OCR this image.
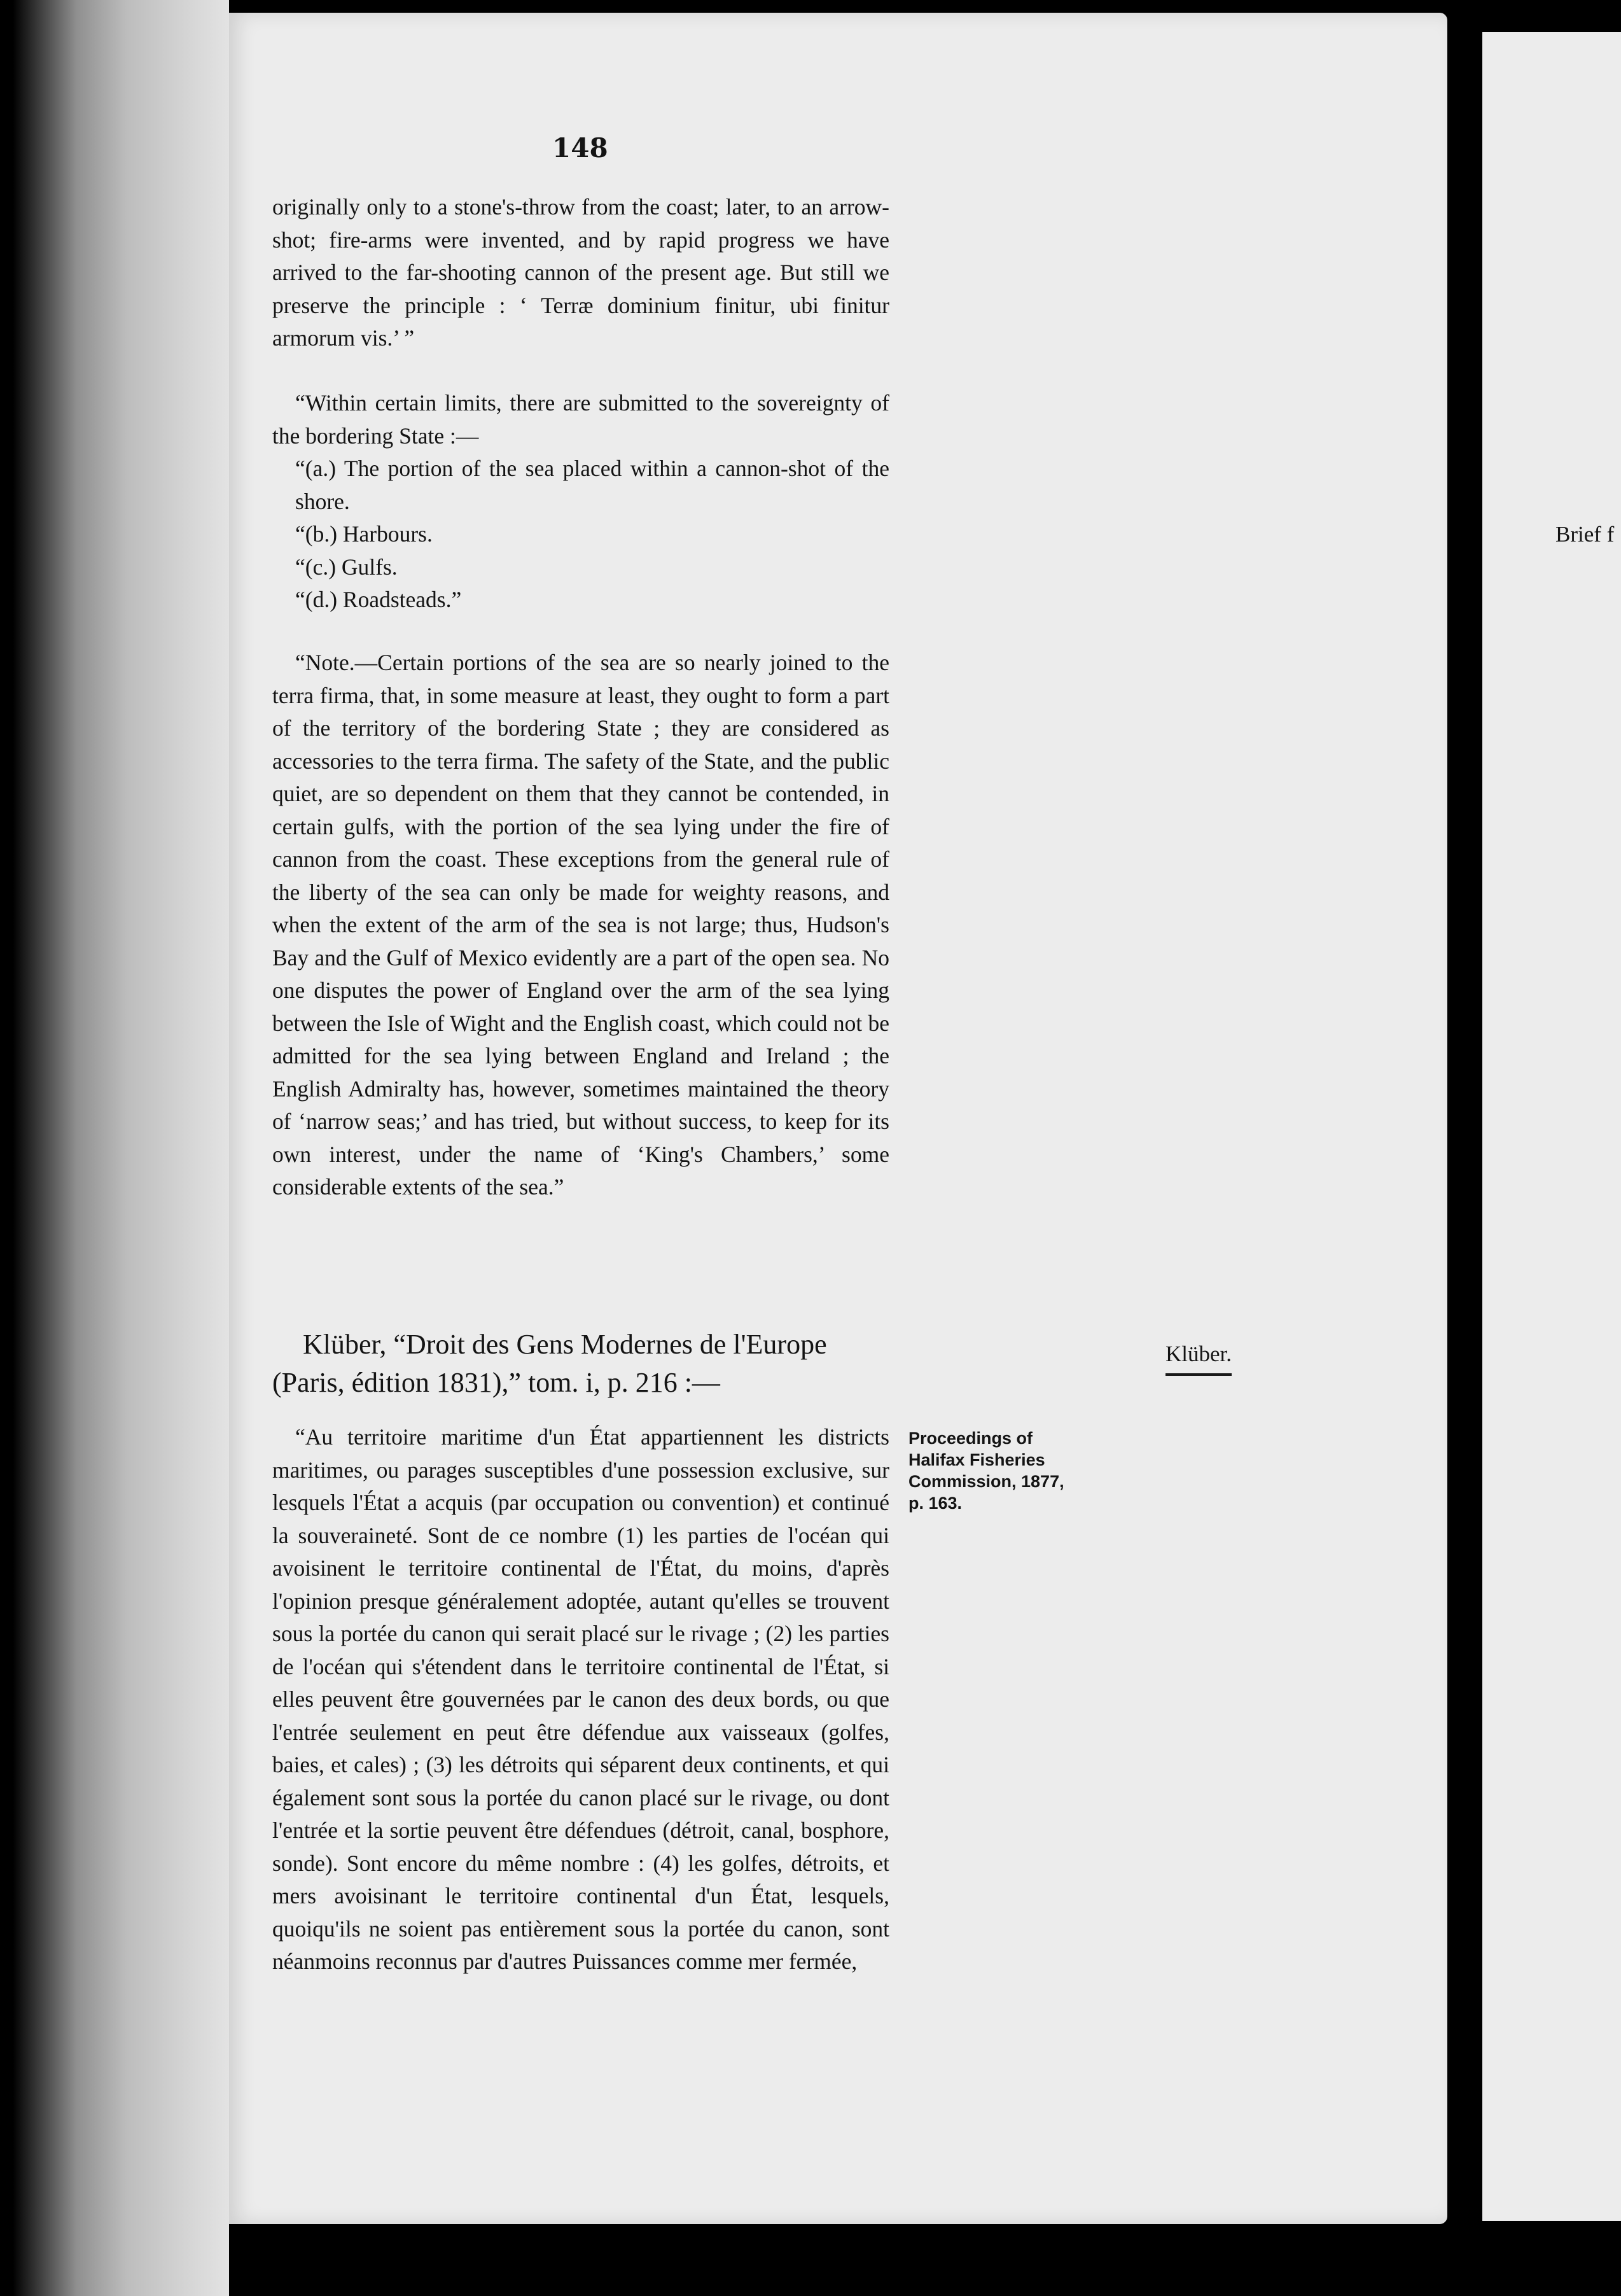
148

originally only to a stone's-throw from the coast; later, to an arrow-shot; fire-arms were invented, and by rapid progress we have arrived to the far-shooting cannon of the present age. But still we preserve the principle : ‘ Terræ dominium finitur, ubi finitur armorum vis.’ ”

“Within certain limits, there are submitted to the sovereignty of the bordering State :—

“(a.) The portion of the sea placed within a cannon-shot of the shore.

“(b.) Harbours.

“(c.) Gulfs.

“(d.) Roadsteads.”

“Note.—Certain portions of the sea are so nearly joined to the terra firma, that, in some measure at least, they ought to form a part of the territory of the bordering State ; they are considered as accessories to the terra firma. The safety of the State, and the public quiet, are so dependent on them that they cannot be contended, in certain gulfs, with the portion of the sea lying under the fire of cannon from the coast. These exceptions from the general rule of the liberty of the sea can only be made for weighty reasons, and when the extent of the arm of the sea is not large; thus, Hudson's Bay and the Gulf of Mexico evidently are a part of the open sea. No one disputes the power of England over the arm of the sea lying between the Isle of Wight and the English coast, which could not be admitted for the sea lying between England and Ireland ; the English Admiralty has, however, sometimes maintained the theory of ‘narrow seas;’ and has tried, but without success, to keep for its own interest, under the name of ‘King's Chambers,’ some considerable extents of the sea.”

Klüber, “Droit des Gens Modernes de l'Europe
(Paris, édition 1831),” tom. i, p. 216 :—

“Au territoire maritime d'un État appartiennent les districts maritimes, ou parages susceptibles d'une possession exclusive, sur lesquels l'État a acquis (par occupation ou convention) et continué la souveraineté. Sont de ce nombre (1) les parties de l'océan qui avoisinent le territoire continental de l'État, du moins, d'après l'opinion presque généralement adoptée, autant qu'elles se trouvent sous la portée du canon qui serait placé sur le rivage ; (2) les parties de l'océan qui s'étendent dans le territoire continental de l'État, si elles peuvent être gouvernées par le canon des deux bords, ou que l'entrée seulement en peut être défendue aux vaisseaux (golfes, baies, et cales) ; (3) les détroits qui séparent deux continents, et qui également sont sous la portée du canon placé sur le rivage, ou dont l'entrée et la sortie peuvent être défendues (détroit, canal, bosphore, sonde). Sont encore du même nombre : (4) les golfes, détroits, et mers avoisinant le territoire continental d'un État, lesquels, quoiqu'ils ne soient pas entièrement sous la portée du canon, sont néanmoins reconnus par d'autres Puissances comme mer fermée,

Proceedings of
Halifax Fisheries
Commission, 1877,
p. 163.
Klüber.
Brief f
